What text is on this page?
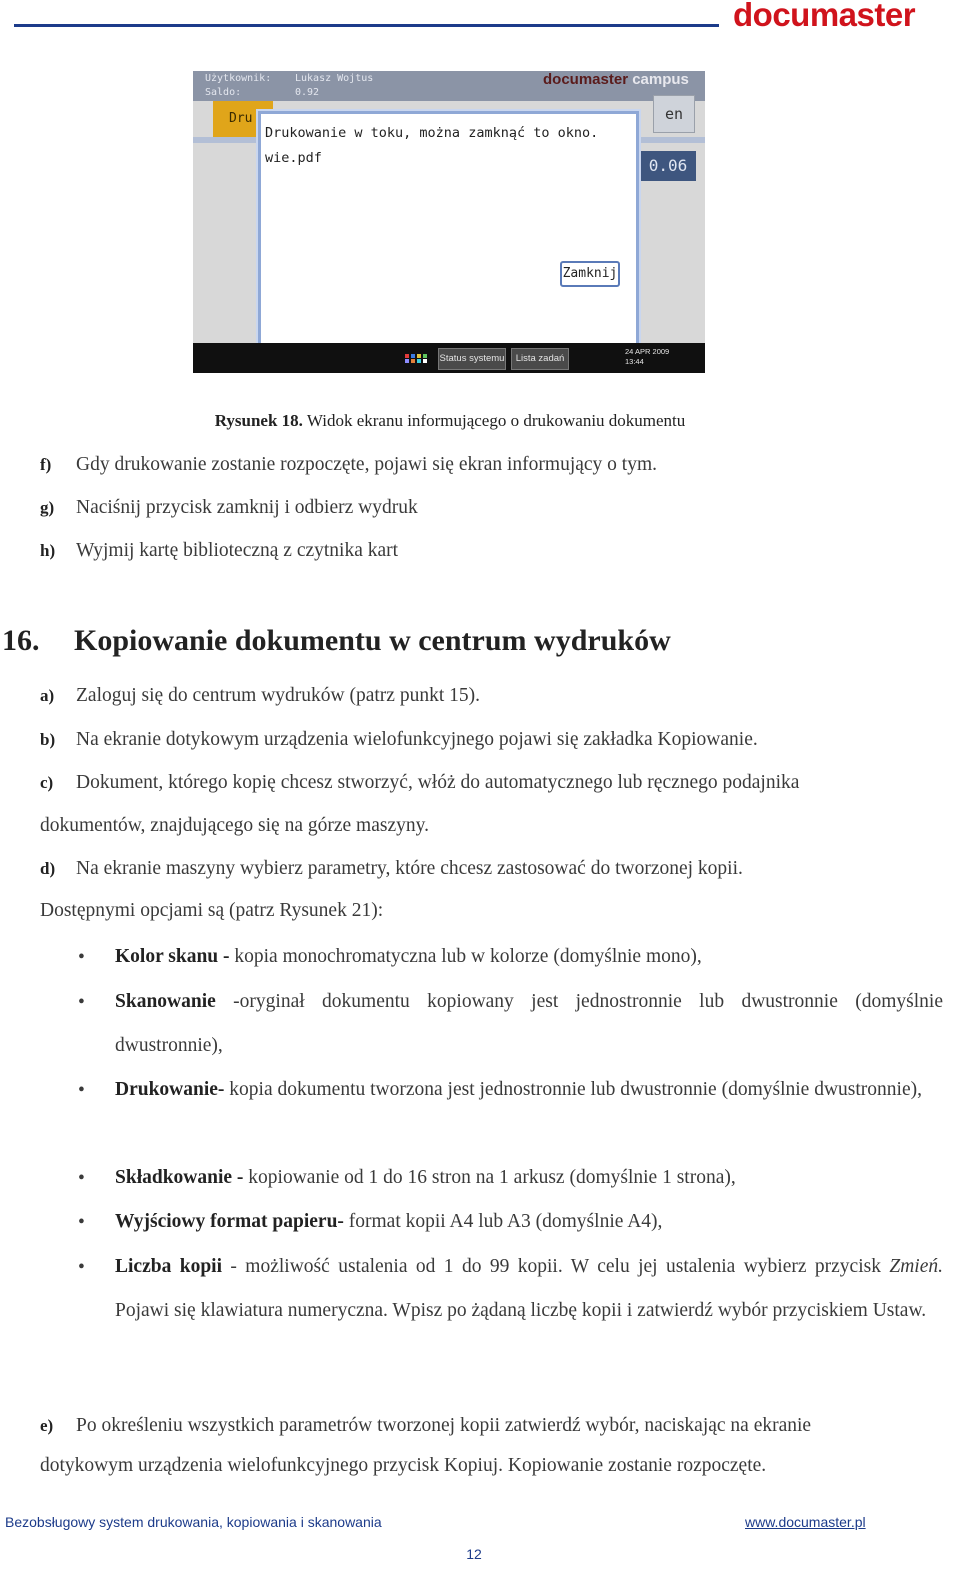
documaster
Użytkownik:
Saldo:
Lukasz Wojtus
0.92
documaster campus
Dru	en
0.06
Drukowanie w toku, można zamknąć to okno.
wie.pdf
Zamknij
Status systemu	Lista zadań
24 APR 2009
13:44
Rysunek 18. Widok ekranu informującego o drukowaniu dokumentu
f) Gdy drukowanie zostanie rozpoczęte, pojawi się ekran informujący o tym.
g) Naciśnij przycisk zamknij i odbierz wydruk
h) Wyjmij kartę biblioteczną z czytnika kart
16. Kopiowanie dokumentu w centrum wydruków
a) Zaloguj się do centrum wydruków (patrz punkt 15).
b) Na ekranie dotykowym urządzenia wielofunkcyjnego pojawi się zakładka Kopiowanie.
c) Dokument, którego kopię chcesz stworzyć, włóż do automatycznego lub ręcznego podajnika
dokumentów, znajdującego się na górze maszyny.
d) Na ekranie maszyny wybierz parametry, które chcesz zastosować do tworzonej kopii.
Dostępnymi opcjami są (patrz Rysunek 21):
• Kolor skanu - kopia monochromatyczna lub w kolorze (domyślnie mono),
• Skanowanie -oryginał dokumentu kopiowany jest jednostronnie lub dwustronnie (domyślnie dwustronnie),
• Drukowanie- kopia dokumentu tworzona jest jednostronnie lub dwustronnie (domyślnie dwustronnie),
• Składkowanie - kopiowanie od 1 do 16 stron na 1 arkusz (domyślnie 1 strona),
• Wyjściowy format papieru- format kopii A4 lub A3 (domyślnie A4),
• Liczba kopii - możliwość ustalenia od 1 do 99 kopii. W celu jej ustalenia wybierz przycisk Zmień. Pojawi się klawiatura numeryczna. Wpisz po żądaną liczbę kopii i zatwierdź wybór przyciskiem Ustaw.
e) Po określeniu wszystkich parametrów tworzonej kopii zatwierdź wybór, naciskając na ekranie
dotykowym urządzenia wielofunkcyjnego przycisk Kopiuj. Kopiowanie zostanie rozpoczęte.
Bezobsługowy system drukowania, kopiowania i skanowania	www.documaster.pl
12
